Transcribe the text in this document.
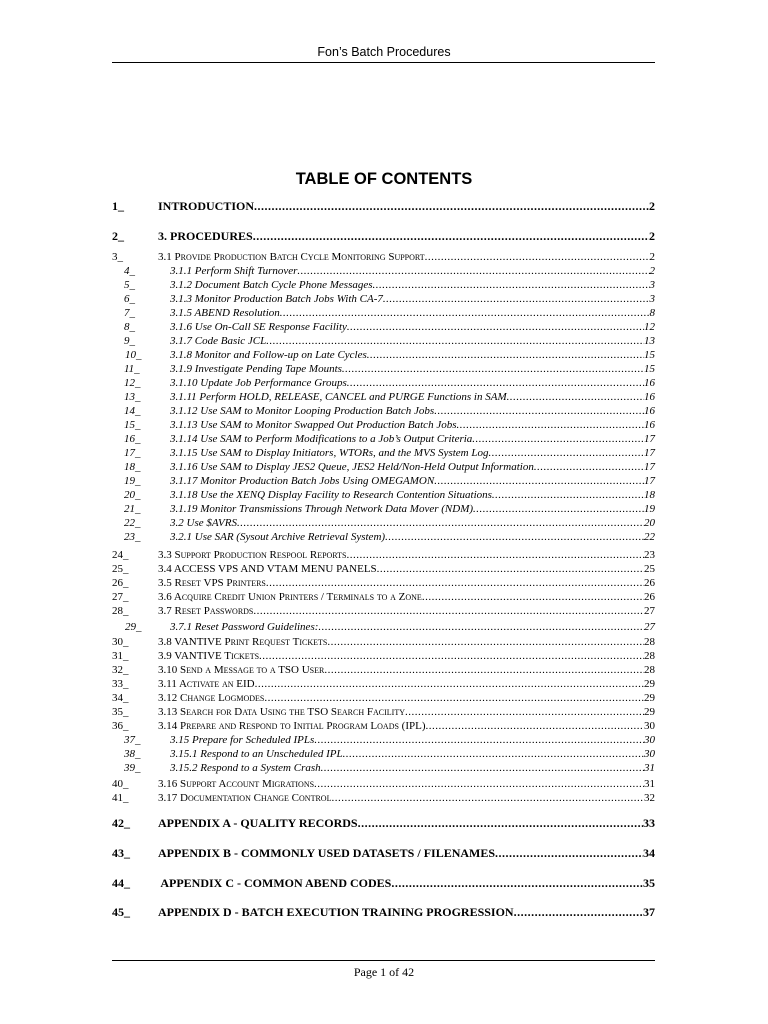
Fon’s Batch Procedures
TABLE OF CONTENTS
1_	INTRODUCTION .....	2
2_	3. PROCEDURES .....	2
3_	3.1 Provide Production Batch Cycle Monitoring Support .....	2
4_	3.1.1 Perform Shift Turnover .....	2
5_	3.1.2 Document Batch Cycle Phone Messages .....	3
6_	3.1.3 Monitor Production Batch Jobs With CA-7 .....	3
7_	3.1.5 ABEND Resolution .....	8
8_	3.1.6 Use On-Call SE Response Facility .....	12
9_	3.1.7 Code Basic JCL .....	13
10_	3.1.8 Monitor and Follow-up on Late Cycles .....	15
11_	3.1.9 Investigate Pending Tape Mounts .....	15
12_	3.1.10 Update Job Performance Groups .....	16
13_	3.1.11 Perform HOLD, RELEASE, CANCEL and PURGE Functions in SAM .....	16
14_	3.1.12 Use SAM to Monitor Looping Production Batch Jobs .....	16
15_	3.1.13 Use SAM to Monitor Swapped Out Production Batch Jobs .....	16
16_	3.1.14 Use SAM to Perform Modifications to a Job’s Output Criteria .....	17
17_	3.1.15 Use SAM to Display Initiators, WTORs, and the MVS System Log .....	17
18_	3.1.16 Use SAM to Display JES2 Queue, JES2 Held/Non-Held Output Information .....	17
19_	3.1.17 Monitor Production Batch Jobs Using OMEGAMON .....	17
20_	3.1.18 Use the XENQ Display Facility to Research Contention Situations .....	18
21_	3.1.19 Monitor Transmissions Through Network Data Mover (NDM) .....	19
22_	3.2 Use $AVRS .....	20
23_	3.2.1 Use SAR (Sysout Archive Retrieval System) .....	22
24_	3.3 Support Production Respool Reports .....	23
25_	3.4 ACCESS VPS AND VTAM MENU PANELS .....	25
26_	3.5 Reset VPS Printers .....	26
27_	3.6 Acquire Credit Union Printers / Terminals to a Zone .....	26
28_	3.7 Reset Passwords .....	27
29_	3.7.1 Reset Password Guidelines: .....	27
30_	3.8 VANTIVE Print Request Tickets .....	28
31_	3.9 VANTIVE Tickets .....	28
32_	3.10 Send a Message to a TSO User .....	28
33_	3.11 Activate an EID .....	29
34_	3.12 Change Logmodes .....	29
35_	3.13 Search for Data Using the TSO Search Facility .....	29
36_	3.14 Prepare and Respond to Initial Program Loads (IPL) .....	30
37_	3.15 Prepare for Scheduled IPLs .....	30
38_	3.15.1 Respond to an Unscheduled IPL .....	30
39_	3.15.2 Respond to a System Crash .....	31
40_	3.16 Support Account Migrations .....	31
41_	3.17 Documentation Change Control .....	32
42_ APPENDIX A - QUALITY RECORDS .....	33
43_ APPENDIX B - COMMONLY USED DATASETS / FILENAMES .....	34
44_ APPENDIX C - COMMON ABEND CODES .....	35
45_ APPENDIX D - BATCH EXECUTION TRAINING PROGRESSION .....	37
Page 1 of 42
